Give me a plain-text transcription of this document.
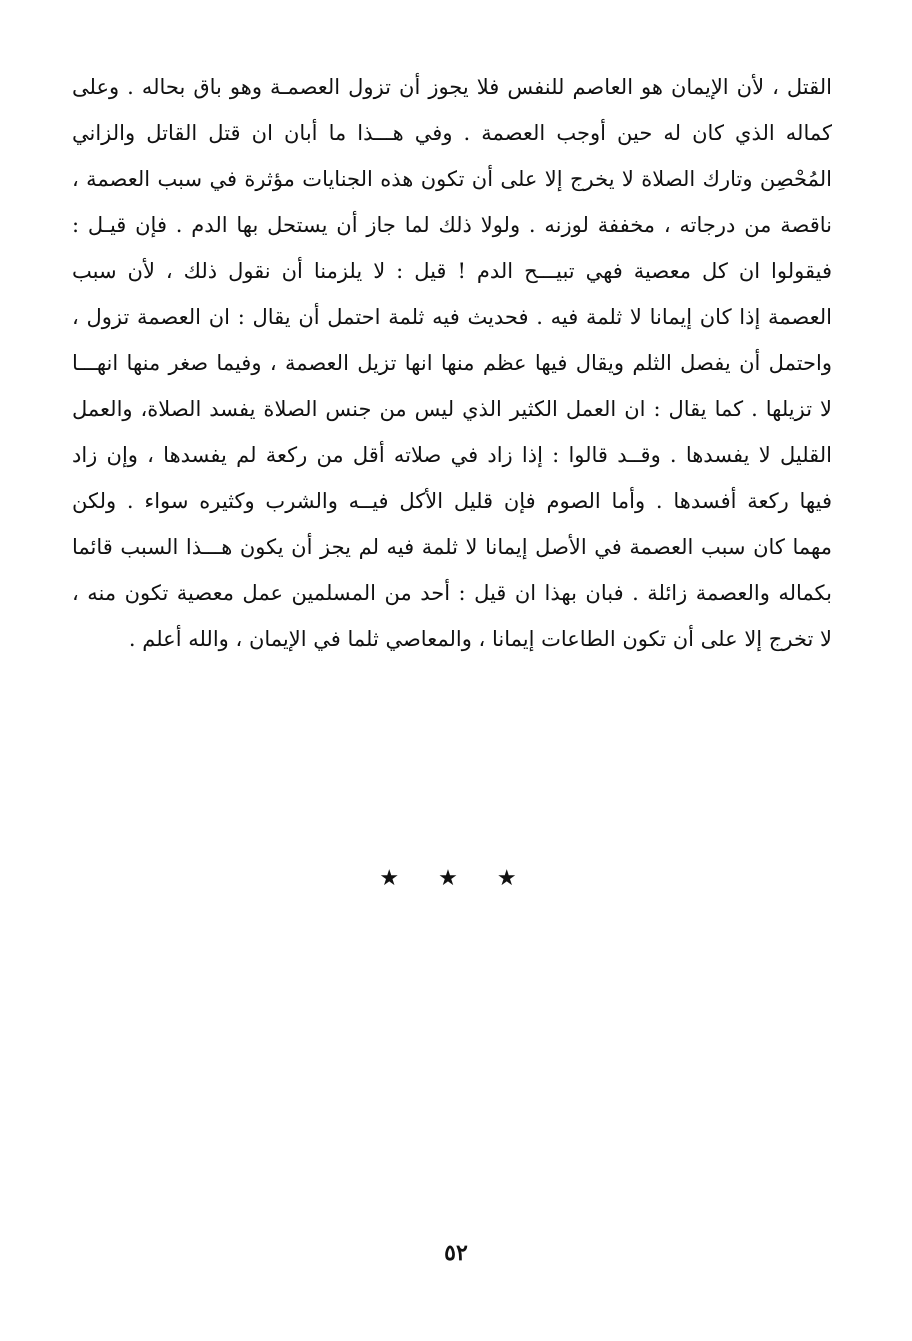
القتل ، لأن الإيمان هو العاصم للنفس فلا يجوز أن تزول العصمـة وهو باق بحاله . وعلى
كماله الذي كان له حين أوجب العصمة . وفي هـــذا ما أبان ان قتل القاتل والزاني
المُحْصِن وتارك الصلاة لا يخرج إلا على أن تكون هذه الجنايات مؤثرة في سبب العصمة ،
ناقصة من درجاته ، مخففة لوزنه . ولولا ذلك لما جاز أن يستحل بها الدم . فإن قيـل :
فيقولوا ان كل معصية فهي تبيـــح الدم ! قيل : لا يلزمنا أن نقول ذلك ، لأن سبب
العصمة إذا كان إيمانا لا ثلمة فيه . فحديث فيه ثلمة احتمل أن يقال : ان العصمة تزول ،
واحتمل أن يفصل الثلم ويقال فيها عظم منها انها تزيل العصمة ، وفيما صغر منها انهـــا
لا تزيلها . كما يقال : ان العمل الكثير الذي ليس من جنس الصلاة يفسد الصلاة، والعمل
القليل لا يفسدها . وقــد قالوا : إذا زاد في صلاته أقل من ركعة لم يفسدها ، وإن زاد
فيها ركعة أفسدها . وأما الصوم فإن قليل الأكل فيــه والشرب وكثيره سواء . ولكن
مهما كان سبب العصمة في الأصل إيمانا لا ثلمة فيه لم يجز أن يكون هـــذا السبب قائما
بكماله والعصمة زائلة . فبان بهذا ان قيل : أحد من المسلمين عمل معصية تكون منه ،
لا تخرج إلا على أن تكون الطاعات إيمانا ، والمعاصي ثلما في الإيمان ، والله أعلم .
★ ★ ★
٥٢
